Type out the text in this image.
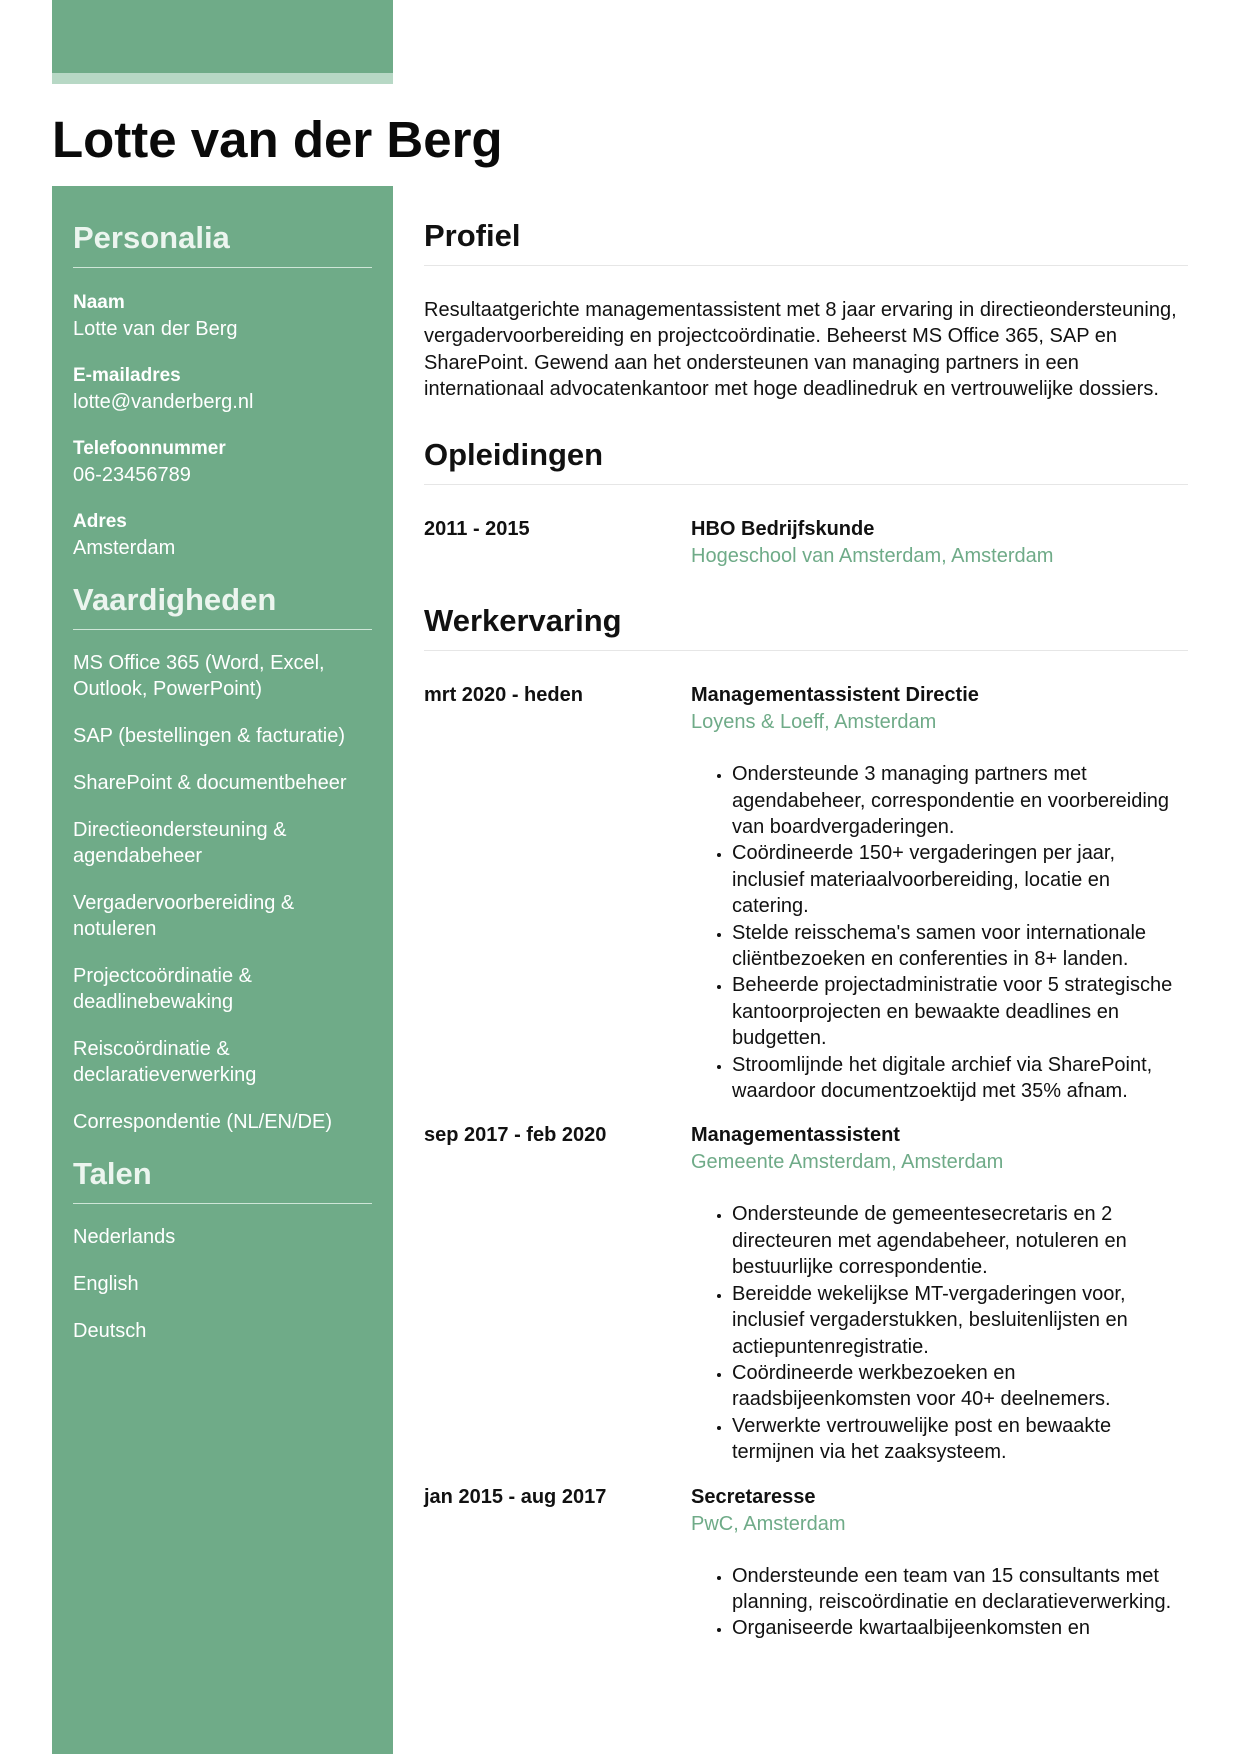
Lotte van der Berg
Personalia
Naam
Lotte van der Berg
E-mailadres
lotte@vanderberg.nl
Telefoonnummer
06-23456789
Adres
Amsterdam
Vaardigheden
MS Office 365 (Word, Excel, Outlook, PowerPoint)
SAP (bestellingen & facturatie)
SharePoint & documentbeheer
Directieondersteuning & agendabeheer
Vergadervoorbereiding & notuleren
Projectcoördinatie & deadlinebewaking
Reiscoördinatie & declaratieverwerking
Correspondentie (NL/EN/DE)
Talen
Nederlands
English
Deutsch
Profiel

Resultaatgerichte managementassistent met 8 jaar ervaring in directieondersteuning, vergadervoorbereiding en projectcoördinatie. Beheerst MS Office 365, SAP en SharePoint. Gewend aan het ondersteunen van managing partners in een internationaal advocatenkantoor met hoge deadlinedruk en vertrouwelijke dossiers.

Opleidingen
2011 - 2015	HBO Bedrijfskunde
Hogeschool van Amsterdam, Amsterdam
Werkervaring
mrt 2020 - heden	Managementassistent Directie
Loyens & Loeff, Amsterdam
• Ondersteunde 3 managing partners met agendabeheer, correspondentie en voorbereiding van boardvergaderingen.
• Coördineerde 150+ vergaderingen per jaar, inclusief materiaalvoorbereiding, locatie en catering.
• Stelde reisschema's samen voor internationale cliëntbezoeken en conferenties in 8+ landen.
• Beheerde projectadministratie voor 5 strategische kantoorprojecten en bewaakte deadlines en budgetten.
• Stroomlijnde het digitale archief via SharePoint, waardoor documentzoektijd met 35% afnam.
sep 2017 - feb 2020	Managementassistent
Gemeente Amsterdam, Amsterdam
• Ondersteunde de gemeentesecretaris en 2 directeuren met agendabeheer, notuleren en bestuurlijke correspondentie.
• Bereidde wekelijkse MT-vergaderingen voor, inclusief vergaderstukken, besluitenlijsten en actiepuntenregistratie.
• Coördineerde werkbezoeken en raadsbijeenkomsten voor 40+ deelnemers.
• Verwerkte vertrouwelijke post en bewaakte termijnen via het zaaksysteem.
jan 2015 - aug 2017	Secretaresse
PwC, Amsterdam
• Ondersteunde een team van 15 consultants met planning, reiscoördinatie en declaratieverwerking.
• Organiseerde kwartaalbijeenkomsten en
